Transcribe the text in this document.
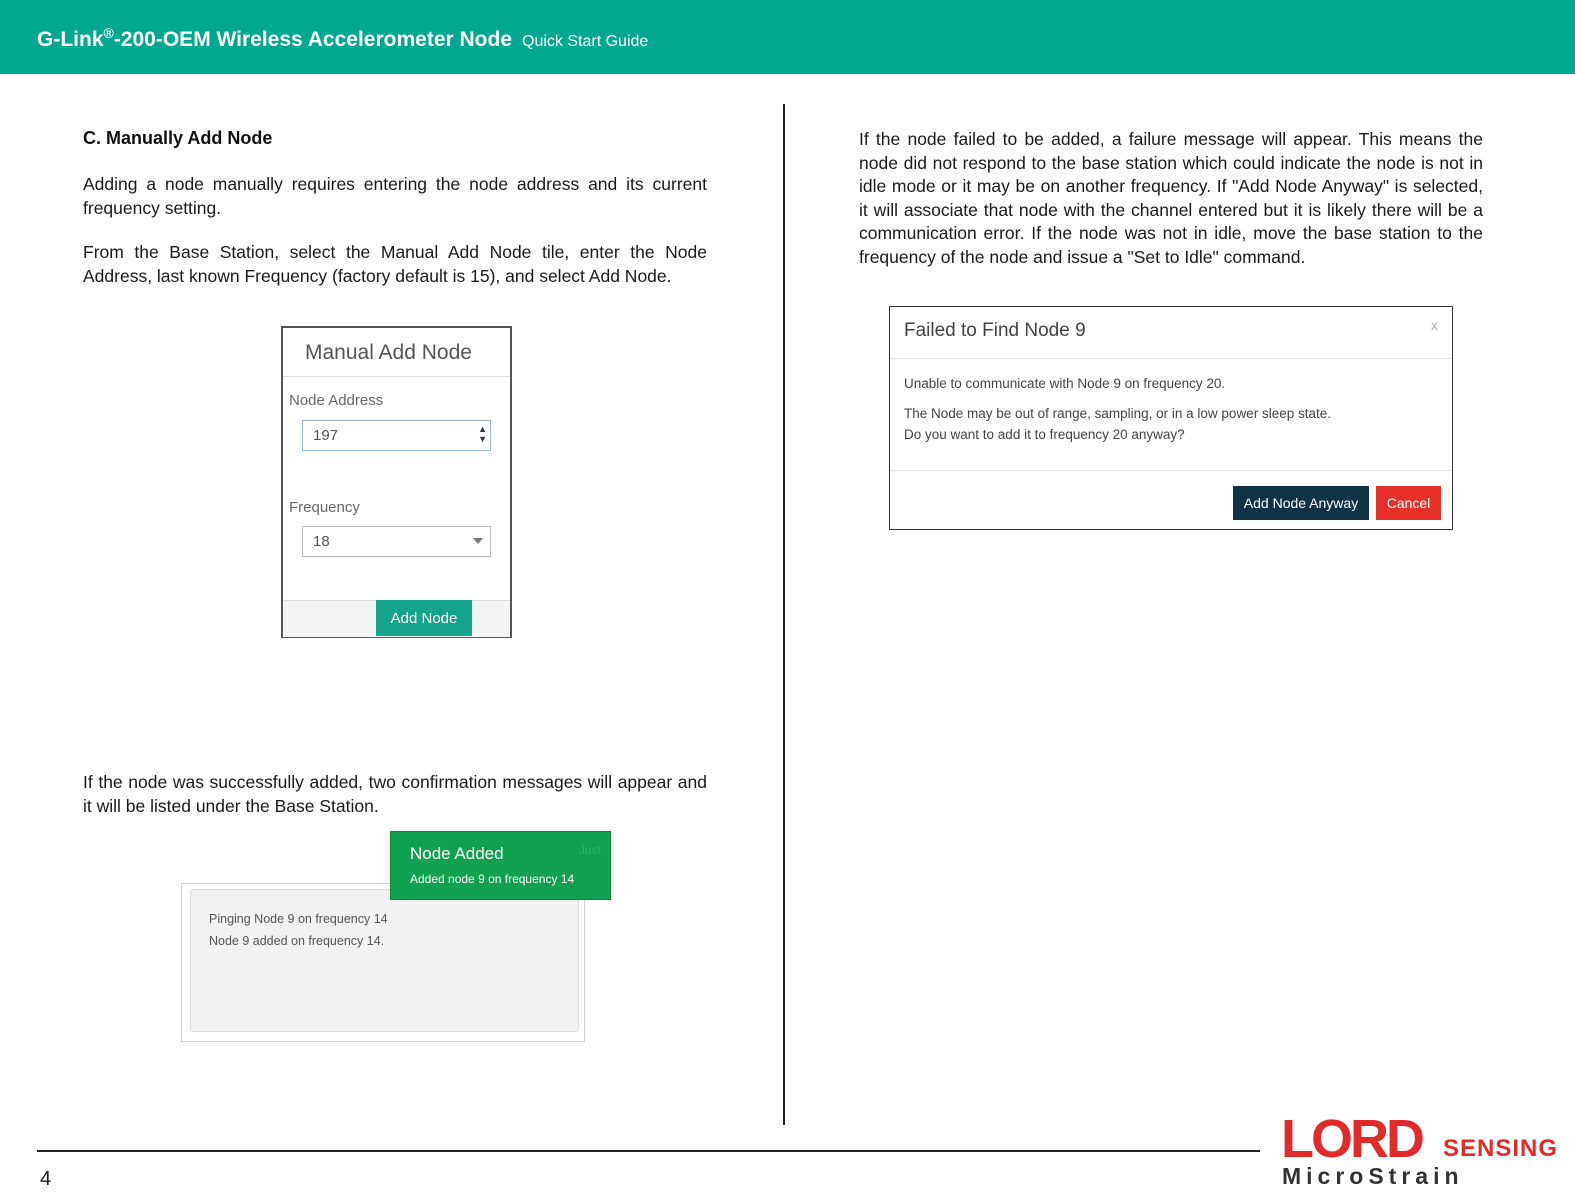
G-Link®-200-OEM Wireless Accelerometer Node Quick Start Guide
C. Manually Add Node
Adding a node manually requires entering the node address and its current frequency setting.
From the Base Station, select the Manual Add Node tile, enter the Node Address, last known Frequency (factory default is 15), and select Add Node.
Manual Add Node
Node Address
197	▲
▼
Frequency
18
Add Node
If the node was successfully added, two confirmation messages will appear and it will be listed under the Base Station.
Pinging Node 9 on frequency 14
Node 9 added on frequency 14.
Node Added
Added node 9 on frequency 14
Just
If the node failed to be added, a failure message will appear. This means the node did not respond to the base station which could indicate the node is not in idle mode or it may be on another frequency. If "Add Node Anyway" is selected, it will associate that node with the channel entered but it is likely there will be a communication error. If the node was not in idle, move the base station to the frequency of the node and issue a "Set to Idle" command.
Failed to Find Node 9	x
Unable to communicate with Node 9 on frequency 20.
The Node may be out of range, sampling, or in a low power sleep state.
Do you want to add it to frequency 20 anyway?
Add Node Anyway	Cancel
4
LORD SENSING
MicroStrain
